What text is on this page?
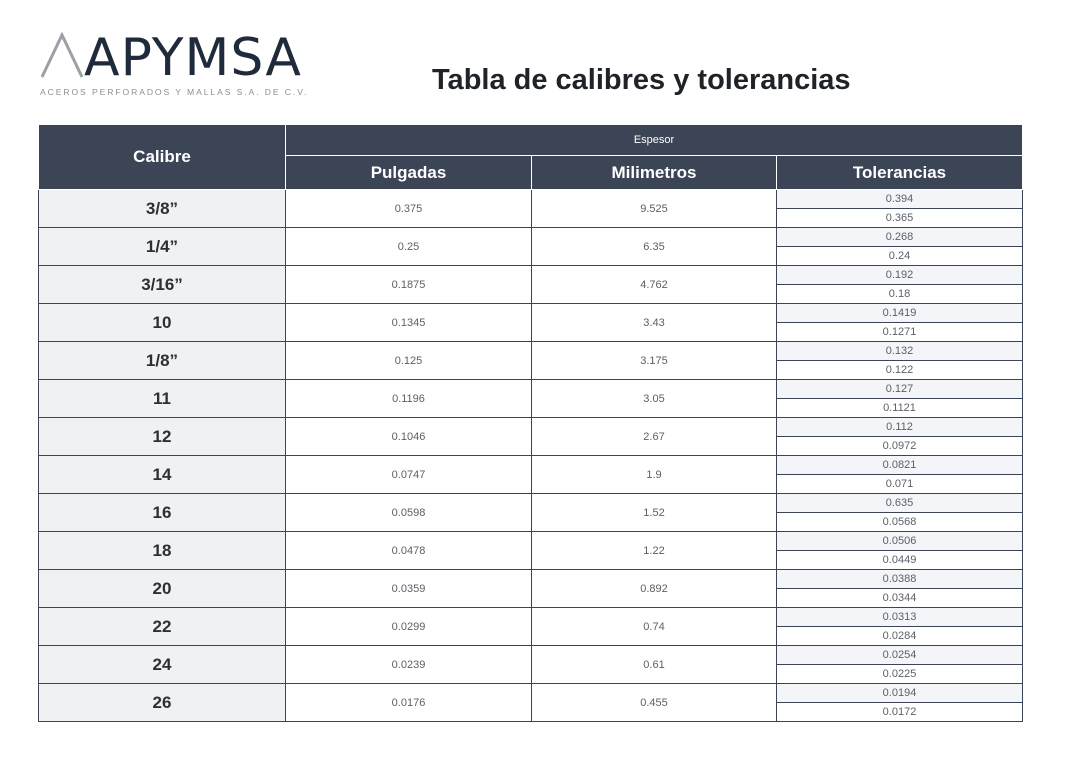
APYMSA
ACEROS PERFORADOS Y MALLAS S.A. DE C.V.	Tabla de calibres y tolerancias
Calibre	Espesor		
	Pulgadas	Milimetros	Tolerancias
3/8”	0.375	9.525	0.394
			0.365
1/4”	0.25	6.35	0.268
			0.24
3/16”	0.1875	4.762	0.192
			0.18
10	0.1345	3.43	0.1419
			0.1271
1/8”	0.125	3.175	0.132
			0.122
11	0.1196	3.05	0.127
			0.1121
12	0.1046	2.67	0.112
			0.0972
14	0.0747	1.9	0.0821
			0.071
16	0.0598	1.52	0.635
			0.0568
18	0.0478	1.22	0.0506
			0.0449
20	0.0359	0.892	0.0388
			0.0344
22	0.0299	0.74	0.0313
			0.0284
24	0.0239	0.61	0.0254
			0.0225
26	0.0176	0.455	0.0194
			0.0172
